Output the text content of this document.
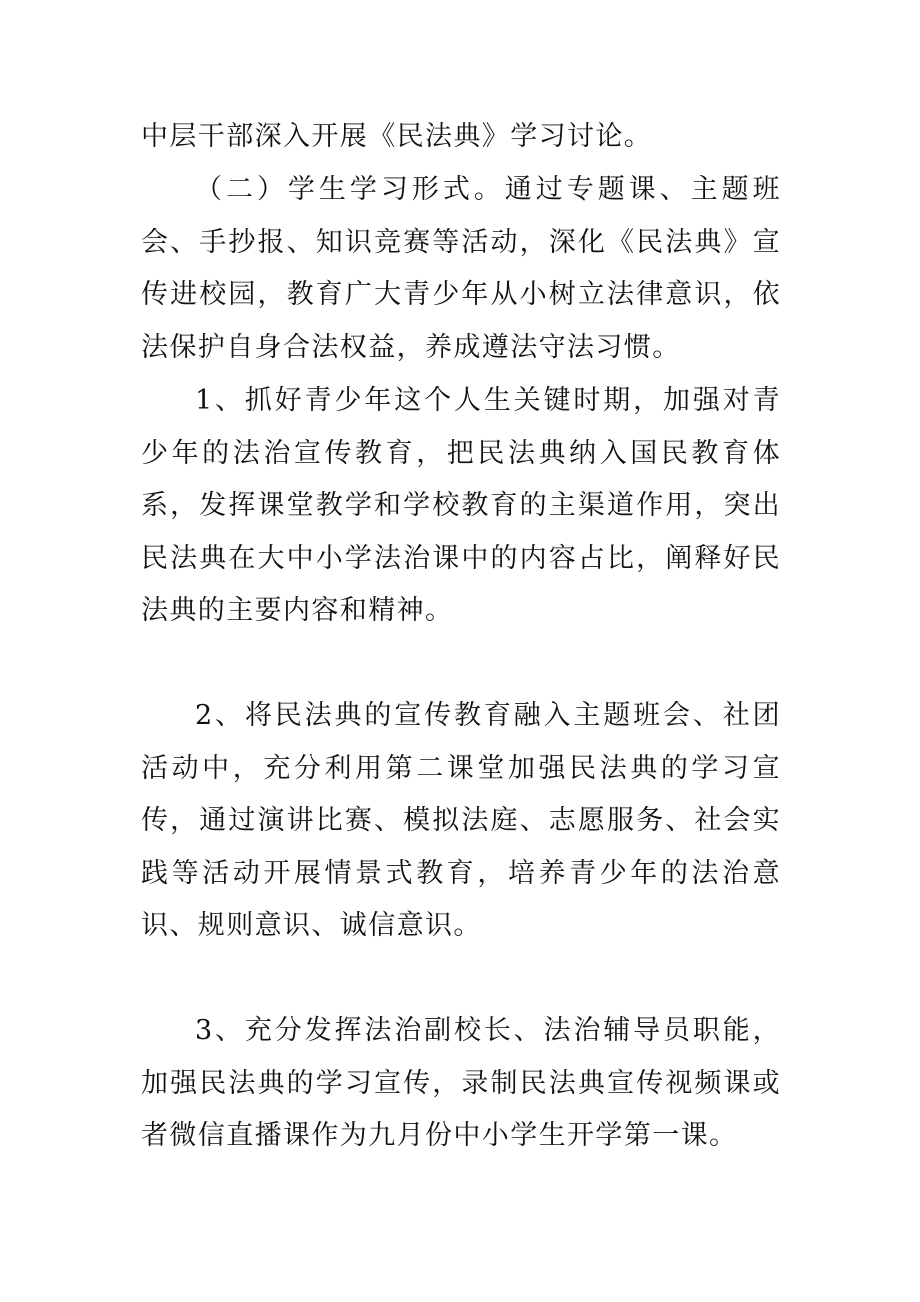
中层干部深入开展《民法典》学习讨论。

（二）学生学习形式。通过专题课、主题班会、手抄报、知识竞赛等活动，深化《民法典》宣传进校园，教育广大青少年从小树立法律意识，依法保护自身合法权益，养成遵法守法习惯。

1、抓好青少年这个人生关键时期，加强对青少年的法治宣传教育，把民法典纳入国民教育体系，发挥课堂教学和学校教育的主渠道作用，突出民法典在大中小学法治课中的内容占比，阐释好民法典的主要内容和精神。

2、将民法典的宣传教育融入主题班会、社团活动中，充分利用第二课堂加强民法典的学习宣传，通过演讲比赛、模拟法庭、志愿服务、社会实践等活动开展情景式教育，培养青少年的法治意识、规则意识、诚信意识。

3、充分发挥法治副校长、法治辅导员职能，加强民法典的学习宣传，录制民法典宣传视频课或者微信直播课作为九月份中小学生开学第一课。
